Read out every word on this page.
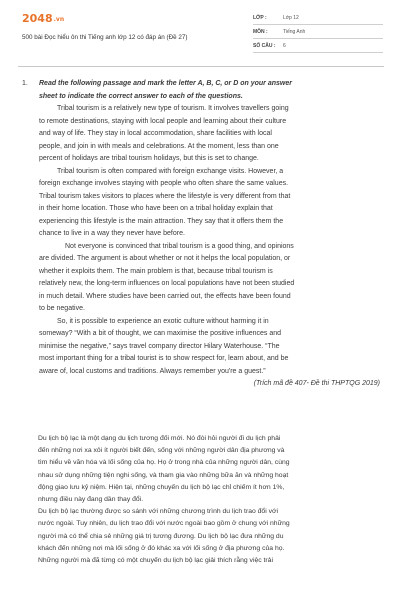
2048.vn
500 bài Đọc hiểu ôn thi Tiếng anh lớp 12 có đáp án (Đề 27)
LỚP :	Lớp 12
MÔN :	Tiếng Anh
SỐ CÂU :	6
1.	Read the following passage and mark the letter A, B, C, or D on your answer
sheet to indicate the correct answer to each of the questions.
Tribal tourism is a relatively new type of tourism. It involves travellers going
to remote destinations, staying with local people and learning about their culture
and way of life. They stay in local accommodation, share facilities with local
people, and join in with meals and celebrations. At the moment, less than one
percent of holidays are tribal tourism holidays, but this is set to change.
Tribal tourism is often compared with foreign exchange visits. However, a
foreign exchange involves staying with people who often share the same values.
Tribal tourism takes visitors to places where the lifestyle is very different from that
in their home location. Those who have been on a tribal holiday explain that
experiencing this lifestyle is the main attraction. They say that it offers them the
chance to live in a way they never have before.
Not everyone is convinced that tribal tourism is a good thing, and opinions
are divided. The argument is about whether or not it helps the local population, or
whether it exploits them. The main problem is that, because tribal tourism is
relatively new, the long-term influences on local populations have not been studied
in much detail. Where studies have been carried out, the effects have been found
to be negative.
So, it is possible to experience an exotic culture without harming it in
someway? “With a bit of thought, we can maximise the positive influences and
minimise the negative,” says travel company director Hilary Waterhouse. “The
most important thing for a tribal tourist is to show respect for, learn about, and be
aware of, local customs and traditions. Always remember you're a guest.”
(Trích mã đề 407- Đề thi THPTQG 2019)
Du lịch bộ lạc là một dạng du lịch tương đối mới. Nó đòi hỏi người đi du lịch phải
đến những nơi xa xôi ít người biết đến, sống với những người dân địa phương và
tìm hiểu về văn hóa và lối sống của họ. Họ ở trong nhà của những người dân, cùng
nhau sử dụng những tiện nghi sống, và tham gia vào những bữa ăn và những hoạt
động giao lưu kỷ niệm. Hiện tại, những chuyến du lịch bộ lạc chỉ chiếm ít hơn 1%,
nhưng điều này đang dần thay đổi.
Du lịch bộ lạc thường được so sánh với những chương trình du lịch trao đổi với
nước ngoài. Tuy nhiên, du lịch trao đổi với nước ngoài bao gồm ở chung với những
người mà có thể chia sẻ những giá trị tương đương. Du lịch bộ lạc đưa những du
khách đến những nơi mà lối sống ở đó khác xa với lối sống ở địa phương của họ.
Những người mà đã từng có một chuyến du lịch bộ lạc giải thích rằng việc trải
